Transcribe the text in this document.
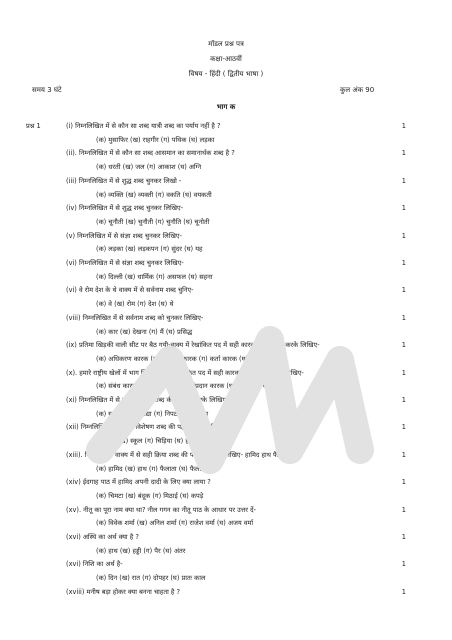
मॉडल प्रश्न पत्र
कक्षा-आठवीं
विषय - हिंदी ( द्वितीय भाषा )
समय 3 घंटे	कुल अंक 90
भाग क
प्रश्न 1	(i) निम्नलिखित में से कौन सा शब्द यात्री शब्द का पर्याय नहीं है ?	1
(क) मुसाफिर (ख) राहगीर (ग) पथिक (घ) लड़का
(ii). निम्नलिखित में से कौन सा शब्द आसमान का समानार्थक शब्द है ?	1
(क) धरती (ख) जल (ग) आकाश (घ) अग्नि
(iii) निम्नलिखित में से शुद्ध शब्द चुनकर लिखो -	1
(क) व्यक्ति (ख) व्यक्ती (ग) वकति (घ) वयकती
(iv) निम्नलिखित में से शुद्ध शब्द चुनकर लिखिए-	1
(क) चूनौती (ख) चुनौती (ग) चुनौति (घ) चूनोती
(v) निम्नलिखित में से संज्ञा शब्द चुनकर लिखिए-	1
(क) लड़का (ख) लड़कपन (ग) सुंदर (घ) यह
(vi) निम्नलिखित में से संज्ञा शब्द चुनकर लिखिए-	1
(क) दिल्ली (ख) धार्मिक (ग) असफल (घ) सहना
(vi) वे रोम देश के थे वाक्य में से सर्वनाम शब्द चुनिए-	1
(क) वे (ख) रोम (ग) देश (घ) थे
(viii) निम्नलिखित में से सर्वनाम शब्द को चुनकर लिखिए-	1
(क) कार (ख) देखना (ग) मैं (घ) प्रसिद्ध
(ix) प्रतिमा खिड़की वाली सीट पर बैठ गयी-वाक्य में रेखांकित पद में सही कारक की पहचान करके लिखिए-	1
(क) अधिकरण कारक (ख) संप्रदान कारक (ग) कर्ता कारक (घ) अपादान कारक
(x). हमारे राष्ट्रीय खेलों में भाग लिया वाक्य में रेखांकित पद में सही कारक की पहचान करके लिखिए-	1
(क) संबंध कारक (ख) कर्म कारक (ग) संप्रदान कारक (घ) अधिकरण कारक
(xi) निम्नलिखित में से सही विशेषण शब्द की पहचान करके लिखिए-	1
(क) सुरक्षित (ख) विद्या (ग) निपटाना (घ) काम
(xii) निम्नलिखित में से सही विशेषण शब्द की पहचान करके लिखिए-	1
(क) पेड़ (ख) स्कूल (ग) चिड़िया (घ) हरे भरे
(xiii). निम्नलिखित वाक्य में से सही क्रिया शब्द की पहचान करके लिखिए- हामिद हाथ फैलाता है।	1
(क) हामिद (ख) हाथ (ग) फैलाता (घ) फैलाता है
(xiv) ईदगाह पाठ में हामिद अपनी दादी के लिए क्या लाया ?	1
(क) चिमटा (ख) बंदूक (ग) मिठाई (घ) कपड़े
(xv). नीतू का पूरा नाम क्या था? नील गगन का नीतू पाठ के आधार पर उत्तर दें-	1
(क) विवेक शर्मा (ख) अनिल शर्मा (ग) राजेश वर्मा (घ) अजय वर्मा
(xvi) अस्थि का अर्थ क्या है ?	1
(क) हाथ (ख) हड्डी (ग) पैर (घ) अंतर
(xvi) निशि का अर्थ है-	1
(क) दिन (ख) रात (ग) दोपहर (घ) प्रातः काल
(xviii) मनीष बड़ा होकर क्या बनना चाहता है ?	1
